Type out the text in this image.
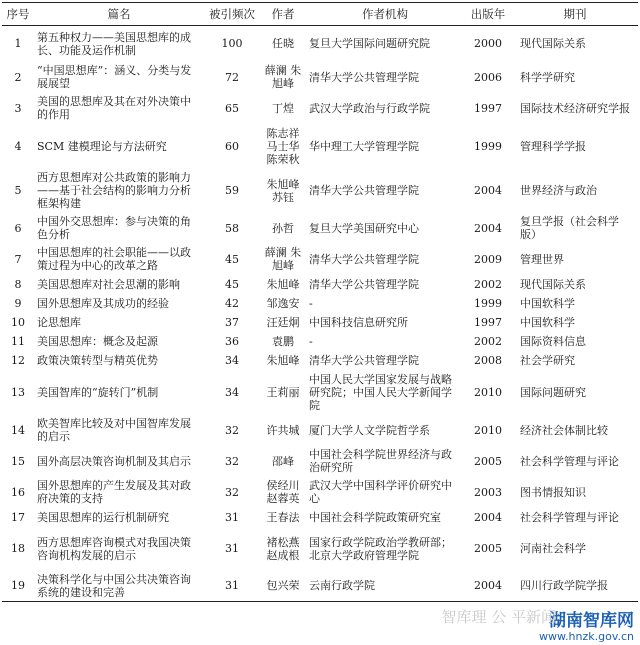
序号	篇名	被引频次	作者	作者机构	出版年	期刊
1	第五种权力——美国思想库的成长、功能及运作机制	100	任晓	复旦大学国际问题研究院	2000	现代国际关系
2	“中国思想库”：涵义、分类与发展展望	72	薛澜 朱旭峰	清华大学公共管理学院	2006	科学学研究
3	美国的思想库及其在对外决策中的作用	65	丁煌	武汉大学政治与行政学院	1997	国际技术经济研究学报
4	SCM 建模理论与方法研究	60	陈志祥 马士华 陈荣秋	华中理工大学管理学院	1999	管理科学学报
5	西方思想库对公共政策的影响力——基于社会结构的影响力分析框架构建	59	朱旭峰 苏钰	清华大学公共管理学院	2004	世界经济与政治
6	中国外交思想库：参与决策的角色分析	58	孙哲	复旦大学美国研究中心	2004	复旦学报（社会科学版）
7	中国思想库的社会职能——以政策过程为中心的改革之路	45	薛澜 朱旭峰	清华大学公共管理学院	2009	管理世界
8	美国思想库对社会思潮的影响	45	朱旭峰	清华大学公共管理学院	2002	现代国际关系
9	国外思想库及其成功的经验	42	邹逸安	-	1999	中国软科学
10	论思想库	37	汪廷炯	中国科技信息研究所	1997	中国软科学
11	美国思想库：概念及起源	36	袁鹏	-	2002	国际资料信息
12	政策决策转型与精英优势	34	朱旭峰	清华大学公共管理学院	2008	社会学研究
13	美国智库的“旋转门”机制	34	王莉丽	中国人民大学国家发展与战略研究院；中国人民大学新闻学院	2010	国际问题研究
14	欧美智库比较及对中国智库发展的启示	32	许共城	厦门大学人文学院哲学系	2010	经济社会体制比较
15	国外高层决策咨询机制及其启示	32	邵峰	中国社会科学院世界经济与政治研究所	2005	社会科学管理与评论
16	国外思想库的产生发展及其对政府决策的支持	32	侯经川 赵蓉英	武汉大学中国科学评价研究中心	2003	图书情报知识
17	美国思想库的运行机制研究	31	王春法	中国社会科学院政策研究室	2004	社会科学管理与评论
18	西方思想库咨询模式对我国决策咨询机构发展的启示	31	褚松燕 赵成根	国家行政学院政治学教研部；北京大学政府管理学院	2005	河南社会科学
19	决策科学化与中国公共决策咨询系统的建设和完善	31	包兴荣	云南行政学院	2004	四川行政学院学报
智库理 公 平新闻
湖南智库网
www.hnzk.gov.cn
